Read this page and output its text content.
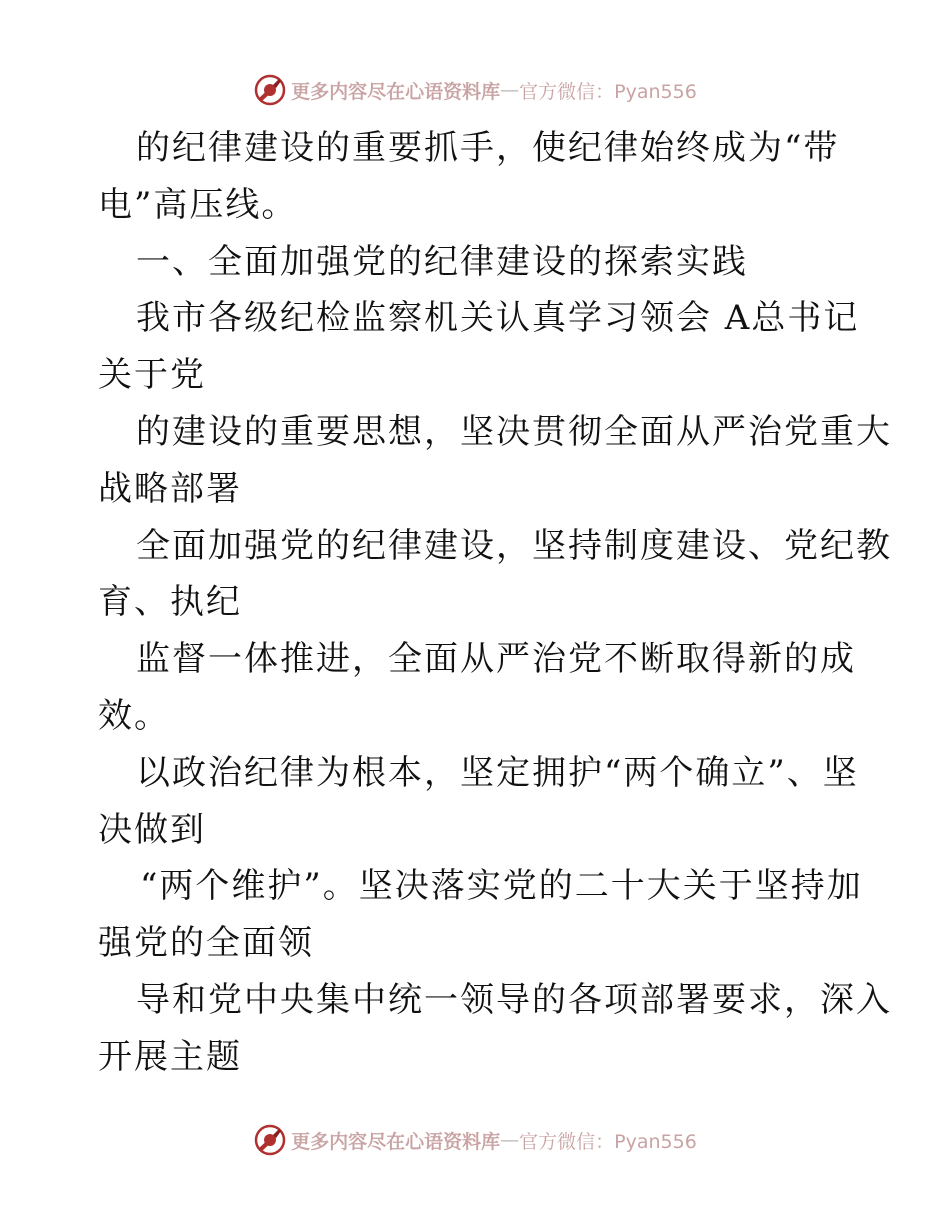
更多内容尽在心语资料库 — 官方微信：Pyan556
的纪律建设的重要抓手，使纪律始终成为“带
电”高压线。
一、全面加强党的纪律建设的探索实践
我市各级纪检监察机关认真学习领会 A总书记
关于党
的建设的重要思想，坚决贯彻全面从严治党重大
战略部署
全面加强党的纪律建设，坚持制度建设、党纪教
育、执纪
监督一体推进，全面从严治党不断取得新的成
效。
以政治纪律为根本，坚定拥护“两个确立”、坚
决做到
“两个维护”。坚决落实党的二十大关于坚持加
强党的全面领
导和党中央集中统一领导的各项部署要求，深入
开展主题
更多内容尽在心语资料库 — 官方微信：Pyan556
